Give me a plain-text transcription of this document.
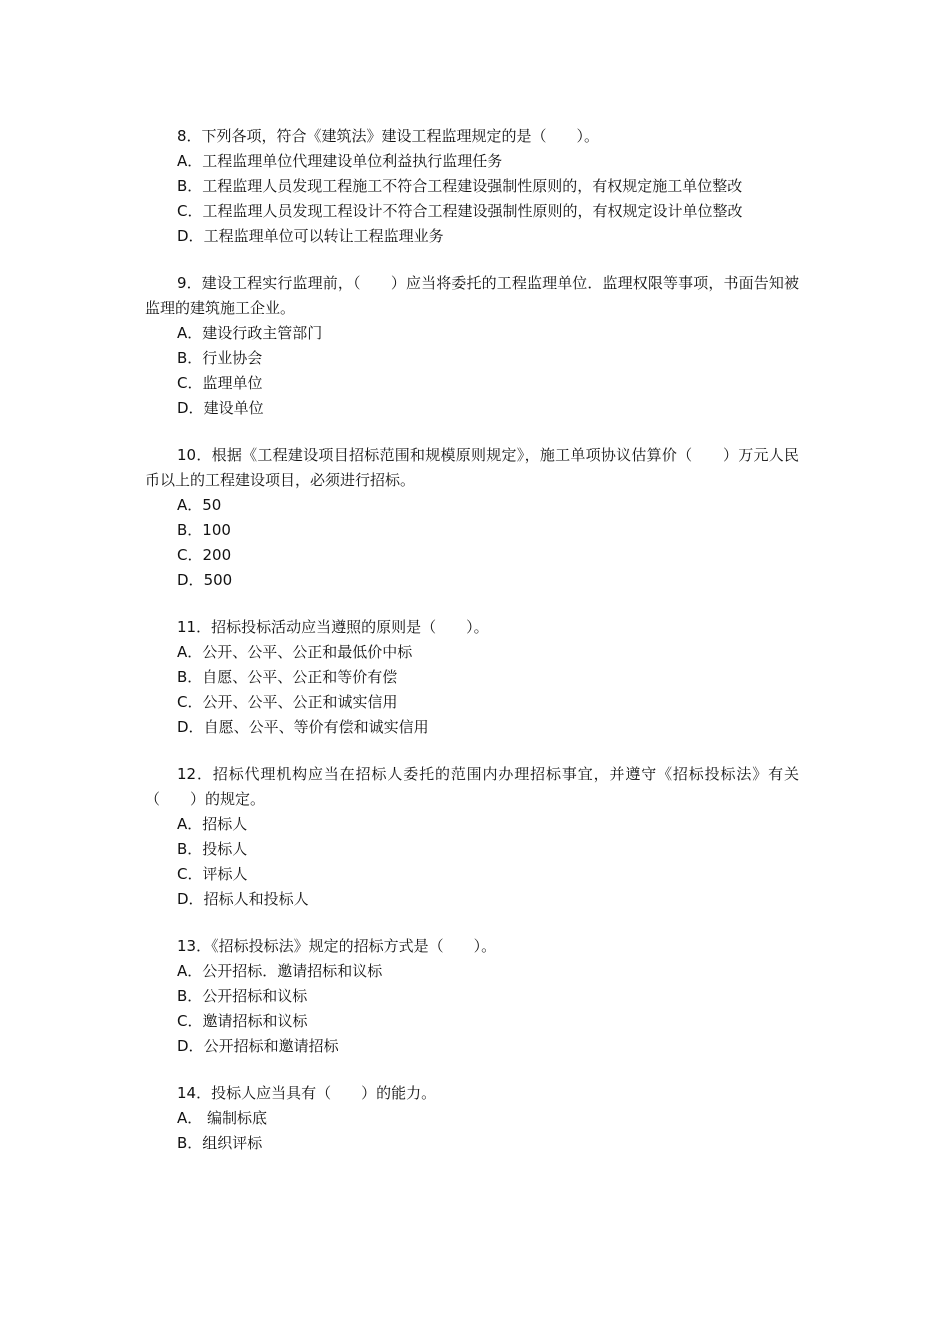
8．下列各项，符合《建筑法》建设工程监理规定的是（　　）。

A．工程监理单位代理建设单位利益执行监理任务

B．工程监理人员发现工程施工不符合工程建设强制性原则的，有权规定施工单位整改

C．工程监理人员发现工程设计不符合工程建设强制性原则的，有权规定设计单位整改

D．工程监理单位可以转让工程监理业务

9．建设工程实行监理前，（　　）应当将委托的工程监理单位．监理权限等事项，书面告知被监理的建筑施工企业。

A．建设行政主管部门

B．行业协会

C．监理单位

D．建设单位

10．根据《工程建设项目招标范围和规模原则规定》，施工单项协议估算价（　　）万元人民币以上的工程建设项目，必须进行招标。

A．50

B．100

C．200

D．500

11．招标投标活动应当遵照的原则是（　　）。

A．公开、公平、公正和最低价中标

B．自愿、公平、公正和等价有偿

C．公开、公平、公正和诚实信用

D．自愿、公平、等价有偿和诚实信用

12．招标代理机构应当在招标人委托的范围内办理招标事宜，并遵守《招标投标法》有关（　　）的规定。

A．招标人

B．投标人

C．评标人

D．招标人和投标人

13．《招标投标法》规定的招标方式是（　　）。

A．公开招标．邀请招标和议标

B．公开招标和议标

C．邀请招标和议标

D．公开招标和邀请招标

14．投标人应当具有（　　）的能力。

A． 编制标底

B．组织评标
